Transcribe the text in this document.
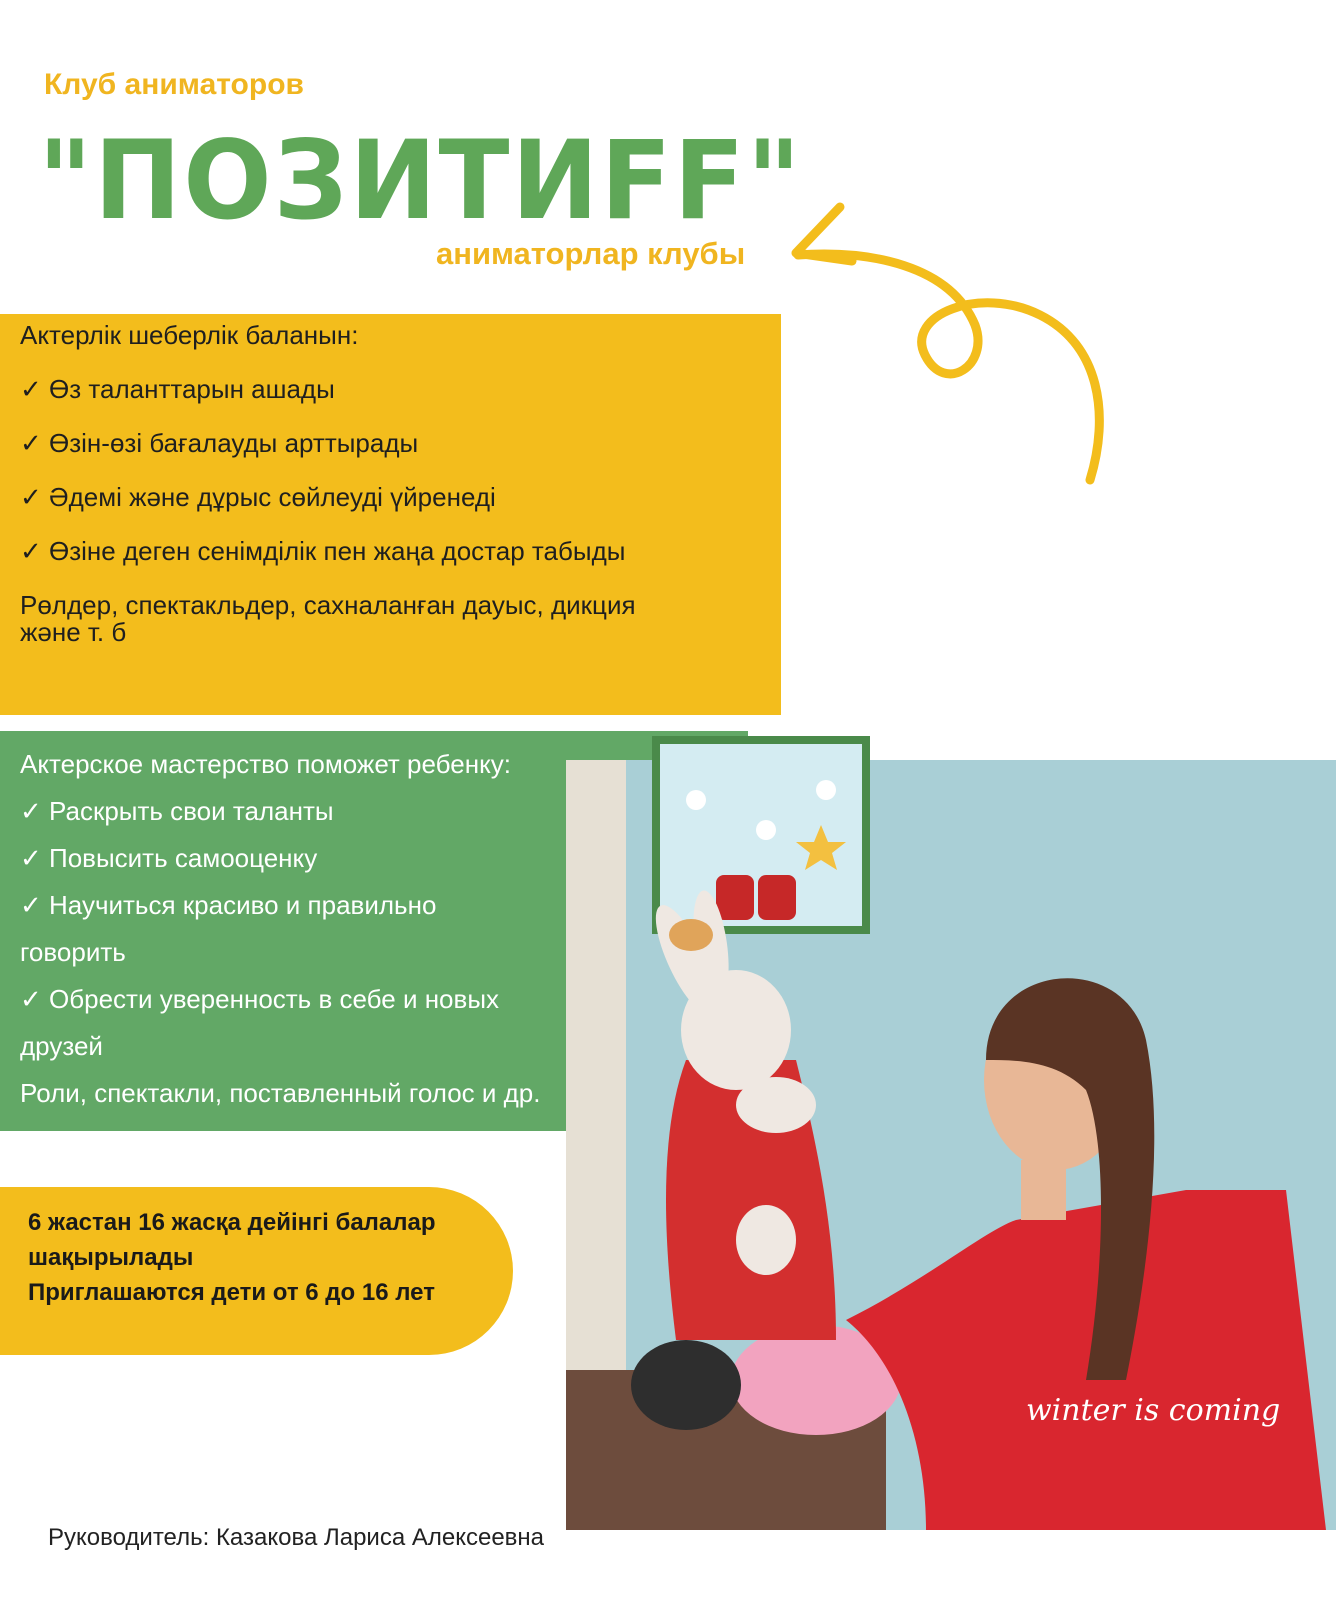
Клуб аниматоров
"ПОЗИТИFF"
аниматорлар клубы
Актерлік шеберлік баланын:
✓ Өз таланттарын ашады
✓ Өзін-өзі бағалауды арттырады
✓ Әдемі және дұрыс сөйлеуді үйренеді
✓ Өзіне деген сенімділік пен жаңа достар табыды
Рөлдер, спектакльдер, сахналанған дауыс, дикция және т. б
Актерское мастерство поможет ребенку:
✓ Раскрыть свои таланты
✓ Повысить самооценку
✓ Научиться красиво и правильно говорить
✓ Обрести уверенность в себе и новых друзей
Роли, спектакли, поставленный голос и др.
winter is coming
6 жастан 16 жасқа дейінгі балалар шақырылады
Приглашаются дети от 6 до 16 лет
Руководитель: Казакова Лариса Алексеевна
